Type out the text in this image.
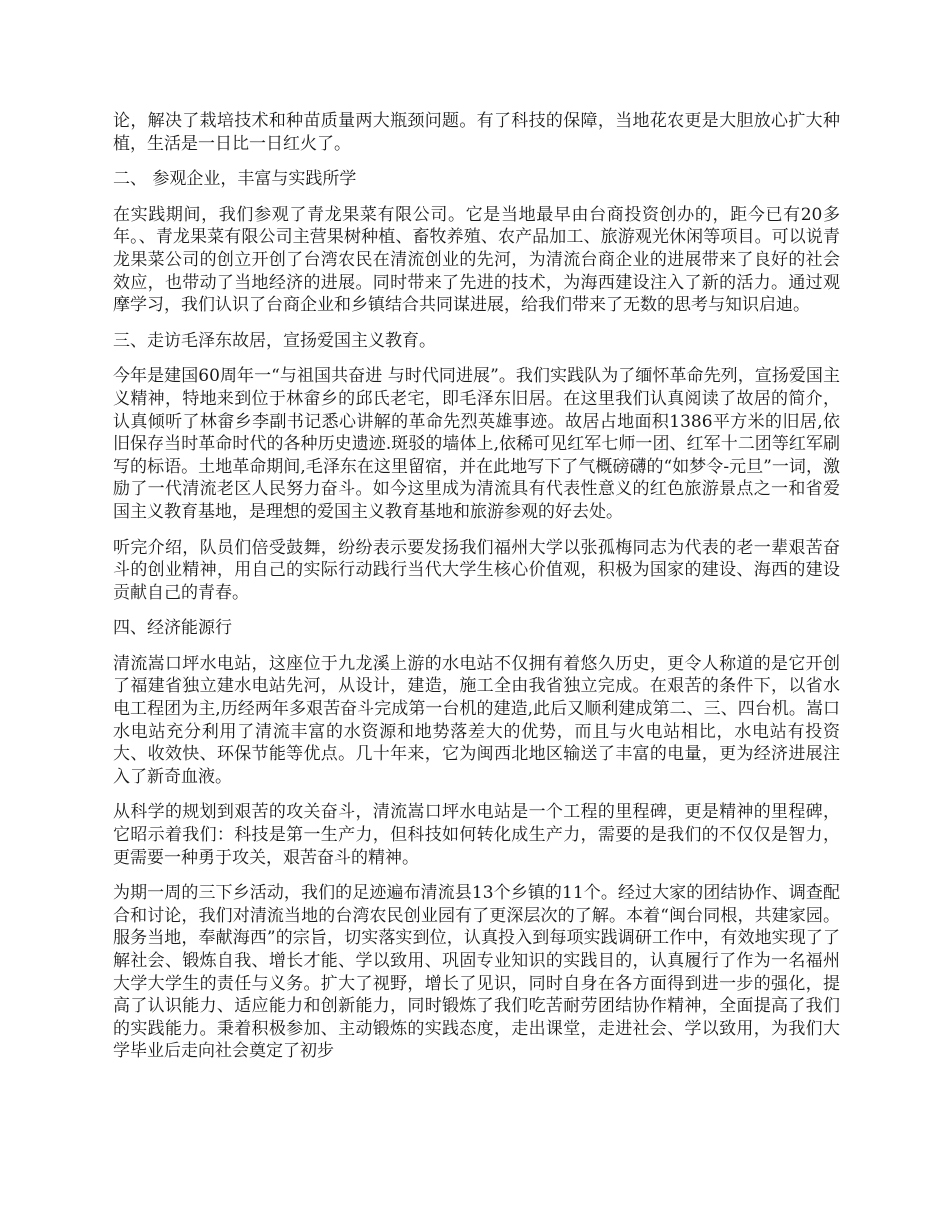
论，解决了栽培技术和种苗质量两大瓶颈问题。有了科技的保障，当地花农更是大胆放心扩大种植，生活是一日比一日红火了。

二、 参观企业，丰富与实践所学

在实践期间，我们参观了青龙果菜有限公司。它是当地最早由台商投资创办的，距今已有20多年。、青龙果菜有限公司主营果树种植、畜牧养殖、农产品加工、旅游观光休闲等项目。可以说青龙果菜公司的创立开创了台湾农民在清流创业的先河，为清流台商企业的进展带来了良好的社会效应，也带动了当地经济的进展。同时带来了先进的技术，为海西建设注入了新的活力。通过观摩学习，我们认识了台商企业和乡镇结合共同谋进展，给我们带来了无数的思考与知识启迪。

三、走访毛泽东故居，宣扬爱国主义教育。

今年是建国60周年一“与祖国共奋进 与时代同进展”。我们实践队为了缅怀革命先列，宣扬爱国主义精神，特地来到位于林畲乡的邱氏老宅，即毛泽东旧居。在这里我们认真阅读了故居的简介，认真倾听了林畲乡李副书记悉心讲解的革命先烈英雄事迹。故居占地面积1386平方米的旧居,依旧保存当时革命时代的各种历史遗迹.斑驳的墙体上,依稀可见红军七师一团、红军十二团等红军刷写的标语。土地革命期间,毛泽东在这里留宿，并在此地写下了气概磅礴的“如梦令-元旦”一词，激励了一代清流老区人民努力奋斗。如今这里成为清流具有代表性意义的红色旅游景点之一和省爱国主义教育基地，是理想的爱国主义教育基地和旅游参观的好去处。

听完介绍，队员们倍受鼓舞，纷纷表示要发扬我们福州大学以张孤梅同志为代表的老一辈艰苦奋斗的创业精神，用自己的实际行动践行当代大学生核心价值观，积极为国家的建设、海西的建设贡献自己的青春。

四、经济能源行

清流嵩口坪水电站，这座位于九龙溪上游的水电站不仅拥有着悠久历史，更令人称道的是它开创了福建省独立建水电站先河，从设计，建造，施工全由我省独立完成。在艰苦的条件下，以省水电工程团为主,历经两年多艰苦奋斗完成第一台机的建造,此后又顺利建成第二、三、四台机。嵩口水电站充分利用了清流丰富的水资源和地势落差大的优势，而且与火电站相比，水电站有投资大、收效快、环保节能等优点。几十年来，它为闽西北地区输送了丰富的电量，更为经济进展注入了新奇血液。

从科学的规划到艰苦的攻关奋斗，清流嵩口坪水电站是一个工程的里程碑，更是精神的里程碑，它昭示着我们：科技是第一生产力，但科技如何转化成生产力，需要的是我们的不仅仅是智力，更需要一种勇于攻关，艰苦奋斗的精神。

为期一周的三下乡活动，我们的足迹遍布清流县13个乡镇的11个。经过大家的团结协作、调查配合和讨论，我们对清流当地的台湾农民创业园有了更深层次的了解。本着“闽台同根，共建家园。服务当地，奉献海西”的宗旨，切实落实到位，认真投入到每项实践调研工作中，有效地实现了了解社会、锻炼自我、增长才能、学以致用、巩固专业知识的实践目的，认真履行了作为一名福州大学大学生的责任与义务。扩大了视野，增长了见识，同时自身在各方面得到进一步的强化，提高了认识能力、适应能力和创新能力，同时锻炼了我们吃苦耐劳团结协作精神，全面提高了我们的实践能力。秉着积极参加、主动锻炼的实践态度，走出课堂，走进社会、学以致用，为我们大学毕业后走向社会奠定了初步
